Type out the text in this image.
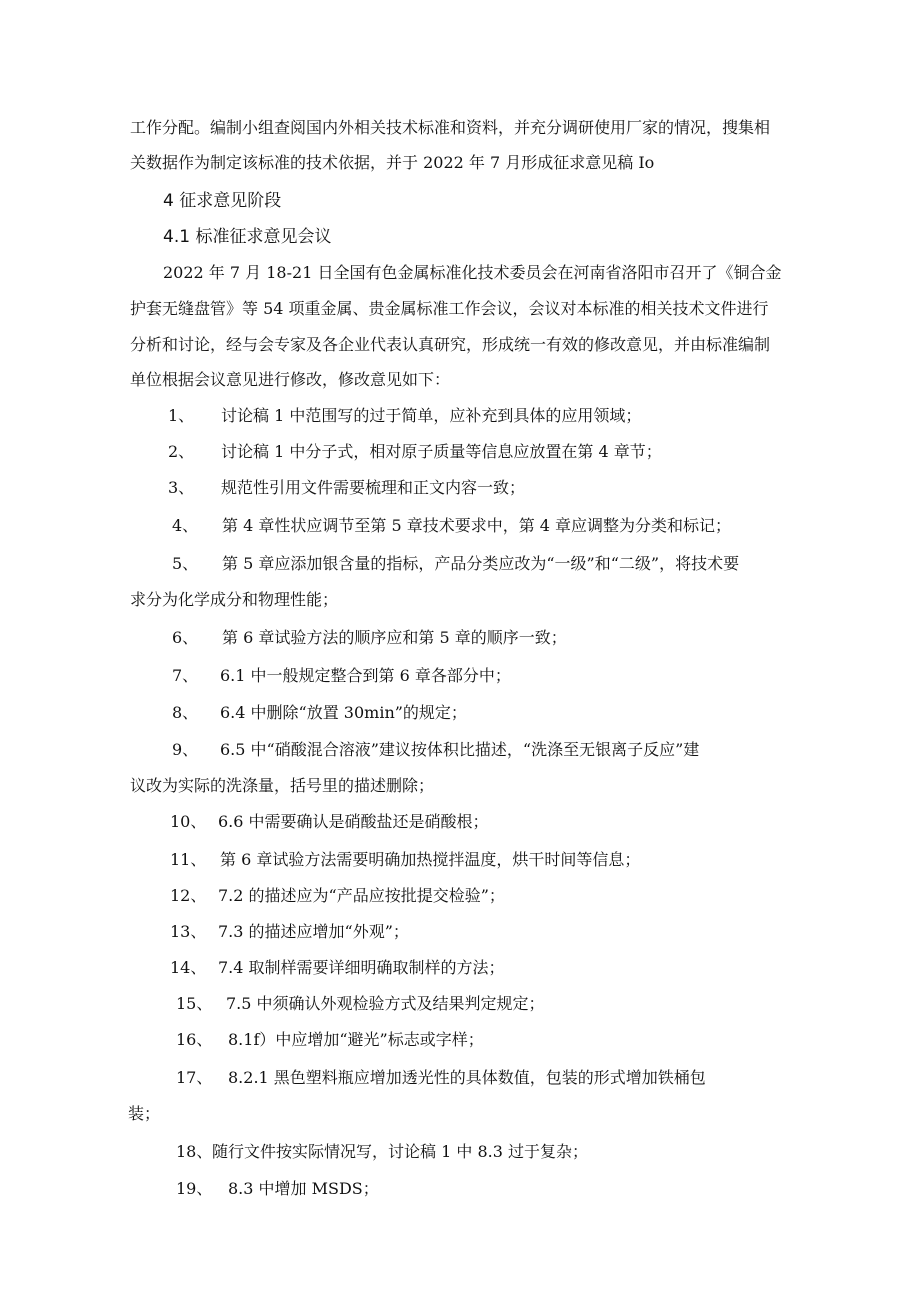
工作分配。编制小组查阅国内外相关技术标准和资料，并充分调研使用厂家的情况，搜集相
关数据作为制定该标准的技术依据，并于 2022 年 7 月形成征求意见稿 Io
4 征求意见阶段
4.1 标准征求意见会议
2022 年 7 月 18-21 日全国有色金属标准化技术委员会在河南省洛阳市召开了《铜合金
护套无缝盘管》等 54 项重金属、贵金属标准工作会议，会议对本标准的相关技术文件进行
分析和讨论，经与会专家及各企业代表认真研究，形成统一有效的修改意见，并由标准编制
单位根据会议意见进行修改，修改意见如下：
1、 讨论稿 1 中范围写的过于简单，应补充到具体的应用领域；
2、 讨论稿 1 中分子式，相对原子质量等信息应放置在第 4 章节；
3、 规范性引用文件需要梳理和正文内容一致；
4、 第 4 章性状应调节至第 5 章技术要求中，第 4 章应调整为分类和标记；
5、 第 5 章应添加银含量的指标，产品分类应改为“一级”和“二级”，将技术要
求分为化学成分和物理性能；
6、 第 6 章试验方法的顺序应和第 5 章的顺序一致；
7、 6.1 中一般规定整合到第 6 章各部分中；
8、 6.4 中删除“放置 30min”的规定；
9、 6.5 中“硝酸混合溶液”建议按体积比描述，“洗涤至无银离子反应”建
议改为实际的洗涤量，括号里的描述删除；
10、 6.6 中需要确认是硝酸盐还是硝酸根；
11、 第 6 章试验方法需要明确加热搅拌温度，烘干时间等信息；
12、 7.2 的描述应为“产品应按批提交检验”；
13、 7.3 的描述应增加“外观”；
14、 7.4 取制样需要详细明确取制样的方法；
15、 7.5 中须确认外观检验方式及结果判定规定；
16、 8.1f）中应增加“避光”标志或字样；
17、 8.2.1 黑色塑料瓶应增加透光性的具体数值，包装的形式增加铁桶包
装；
18、 随行文件按实际情况写，讨论稿 1 中 8.3 过于复杂；
19、 8.3 中增加 MSDS；
